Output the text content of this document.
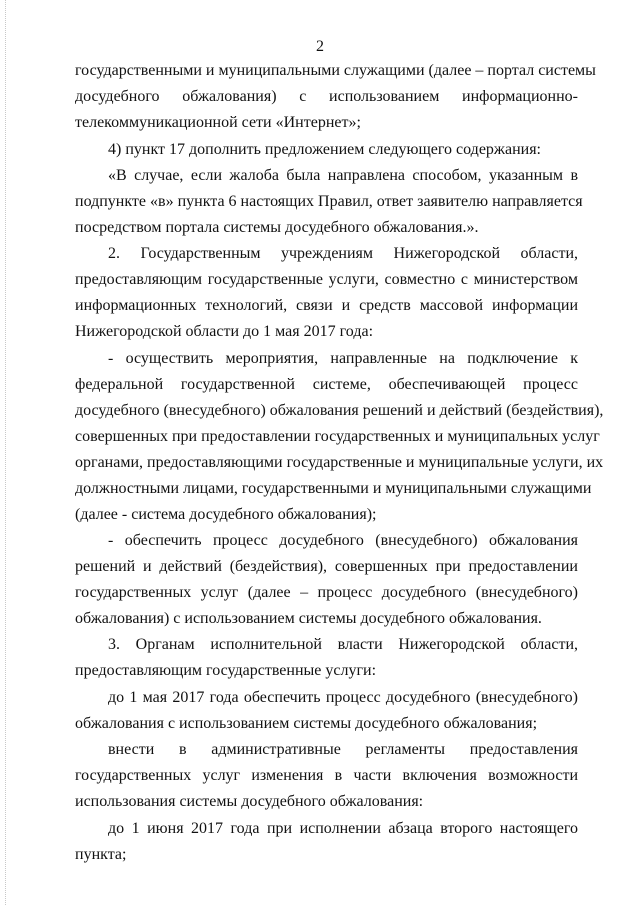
2
государственными и муниципальными служащими (далее – портал системы
досудебного обжалования) с использованием информационно-
телекоммуникационной сети «Интернет»;
4) пункт 17 дополнить предложением следующего содержания:
«В случае, если жалоба была направлена способом, указанным в
подпункте «в» пункта 6 настоящих Правил, ответ заявителю направляется
посредством портала системы досудебного обжалования.».
2. Государственным учреждениям Нижегородской области,
предоставляющим государственные услуги, совместно с министерством
информационных технологий, связи и средств массовой информации
Нижегородской области до 1 мая 2017 года:
- осуществить мероприятия, направленные на подключение к
федеральной государственной системе, обеспечивающей процесс
досудебного (внесудебного) обжалования решений и действий (бездействия),
совершенных при предоставлении государственных и муниципальных услуг
органами, предоставляющими государственные и муниципальные услуги, их
должностными лицами, государственными и муниципальными служащими
(далее - система досудебного обжалования);
- обеспечить процесс досудебного (внесудебного) обжалования
решений и действий (бездействия), совершенных при предоставлении
государственных услуг (далее – процесс досудебного (внесудебного)
обжалования) с использованием системы досудебного обжалования.
3. Органам исполнительной власти Нижегородской области,
предоставляющим государственные услуги:
до 1 мая 2017 года обеспечить процесс досудебного (внесудебного)
обжалования с использованием системы досудебного обжалования;
внести в административные регламенты предоставления
государственных услуг изменения в части включения возможности
использования системы досудебного обжалования:
до 1 июня 2017 года при исполнении абзаца второго настоящего
пункта;
